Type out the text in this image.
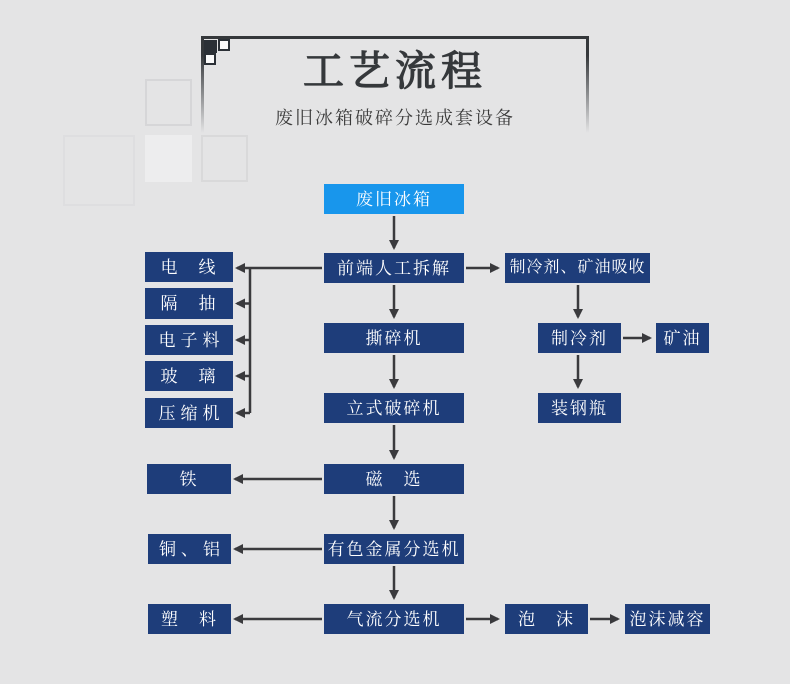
工艺流程
废旧冰箱破碎分选成套设备
废旧冰箱
前端人工拆解
电　线
隔　抽
电子料
玻　璃
压缩机
制冷剂、矿油吸收
撕碎机	制冷剂	矿油
立式破碎机	装钢瓶
磁　选
铁
有色金属分选机
铜、铝
气流分选机
塑　料	泡　沫	泡沫减容
